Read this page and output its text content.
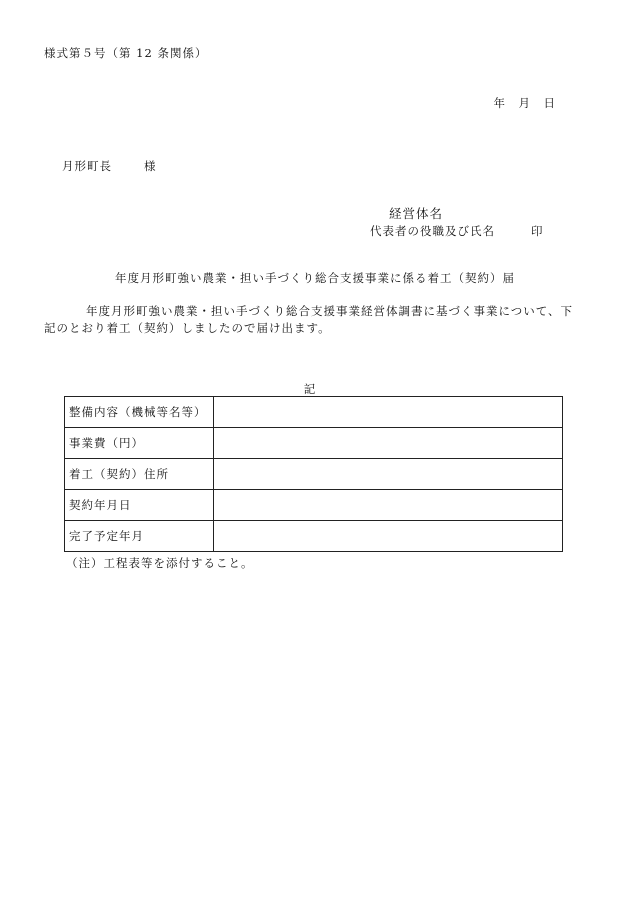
様式第５号（第 12 条関係）
年　月　日
月形町長	様
経営体名
代表者の役職及び氏名	印
年度月形町強い農業・担い手づくり総合支援事業に係る着工（契約）届
年度月形町強い農業・担い手づくり総合支援事業経営体調書に基づく事業について、下記のとおり着工（契約）しましたので届け出ます。
記
整備内容（機械等名等）	
事業費（円）	
着工（契約）住所	
契約年月日	
完了予定年月	
（注）工程表等を添付すること。
